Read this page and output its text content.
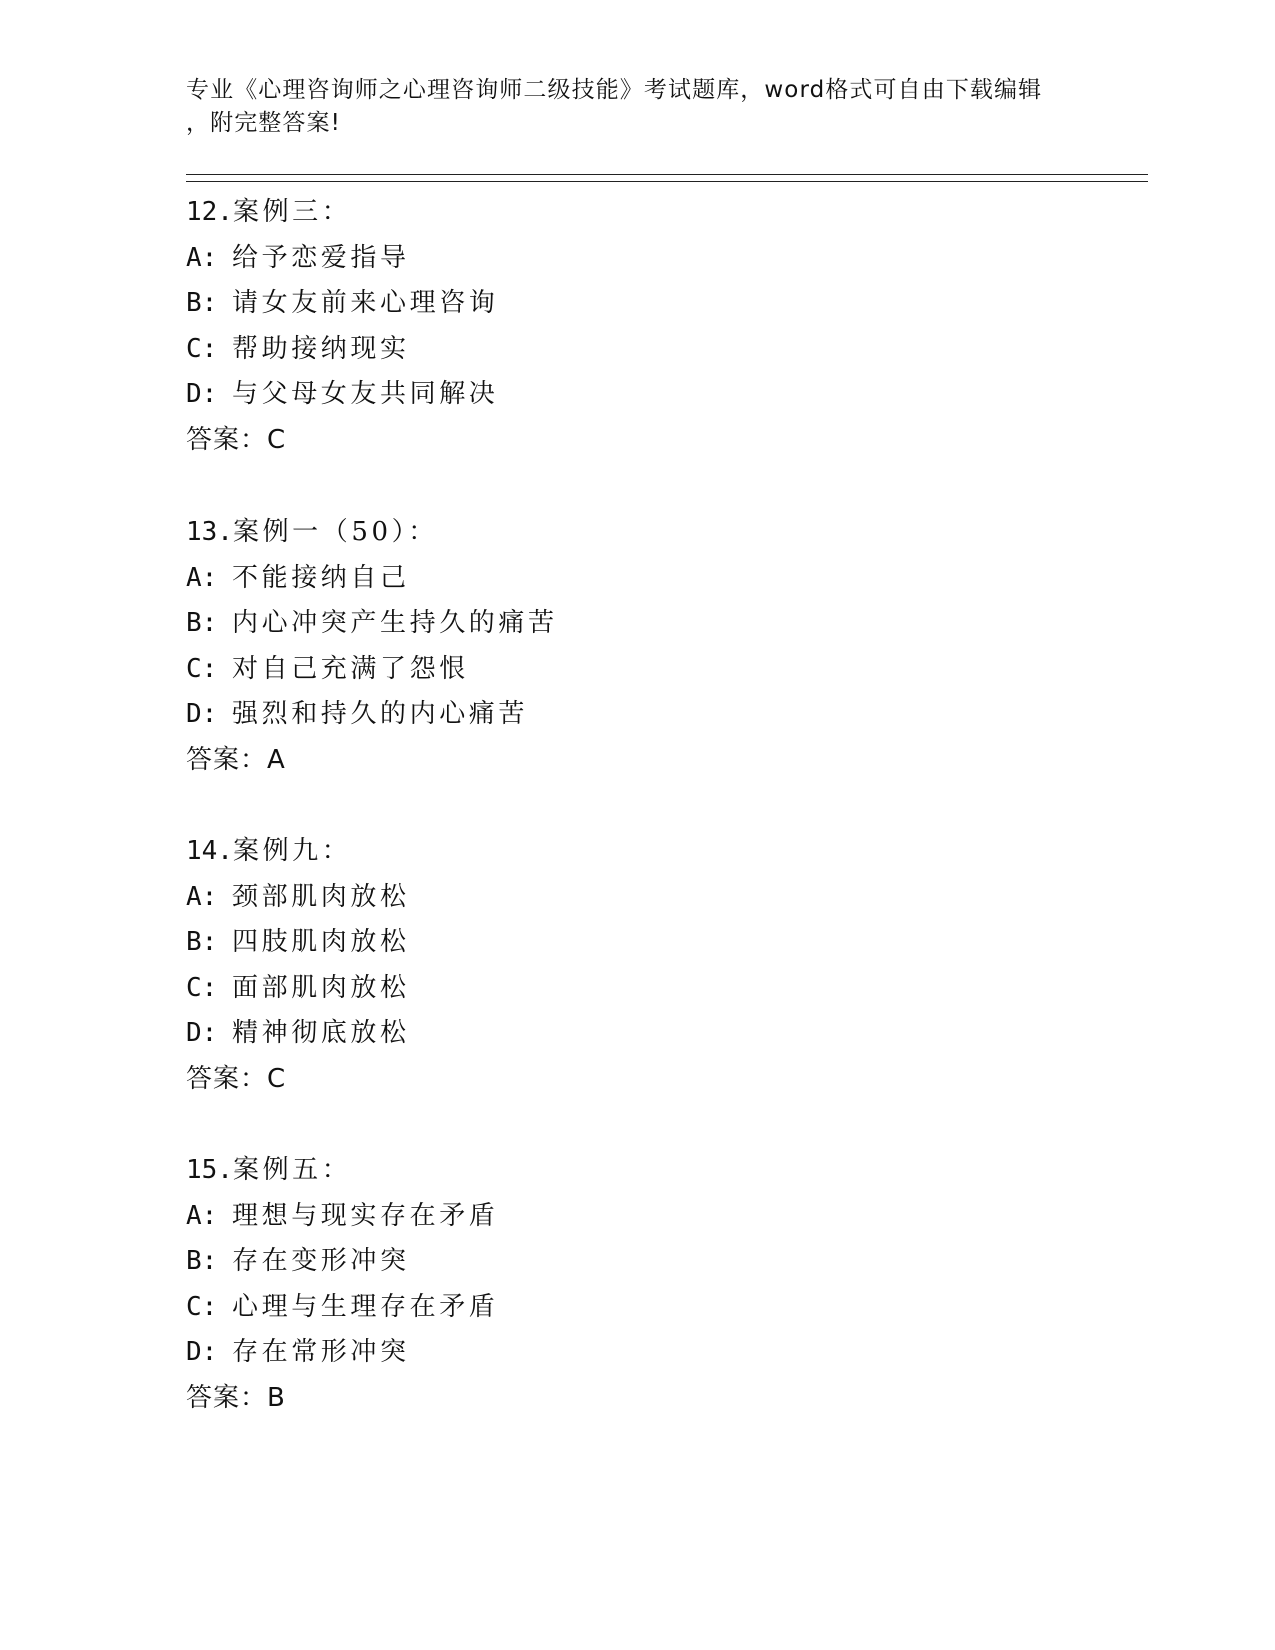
专业《心理咨询师之心理咨询师二级技能》考试题库，word格式可自由下载编辑
，附完整答案!
12.案例三：
A: 给予恋爱指导
B: 请女友前来心理咨询
C: 帮助接纳现实
D: 与父母女友共同解决
答案：C
13.案例一（50）：
A: 不能接纳自己
B: 内心冲突产生持久的痛苦
C: 对自己充满了怨恨
D: 强烈和持久的内心痛苦
答案：A
14.案例九：
A: 颈部肌肉放松
B: 四肢肌肉放松
C: 面部肌肉放松
D: 精神彻底放松
答案：C
15.案例五：
A: 理想与现实存在矛盾
B: 存在变形冲突
C: 心理与生理存在矛盾
D: 存在常形冲突
答案：B
